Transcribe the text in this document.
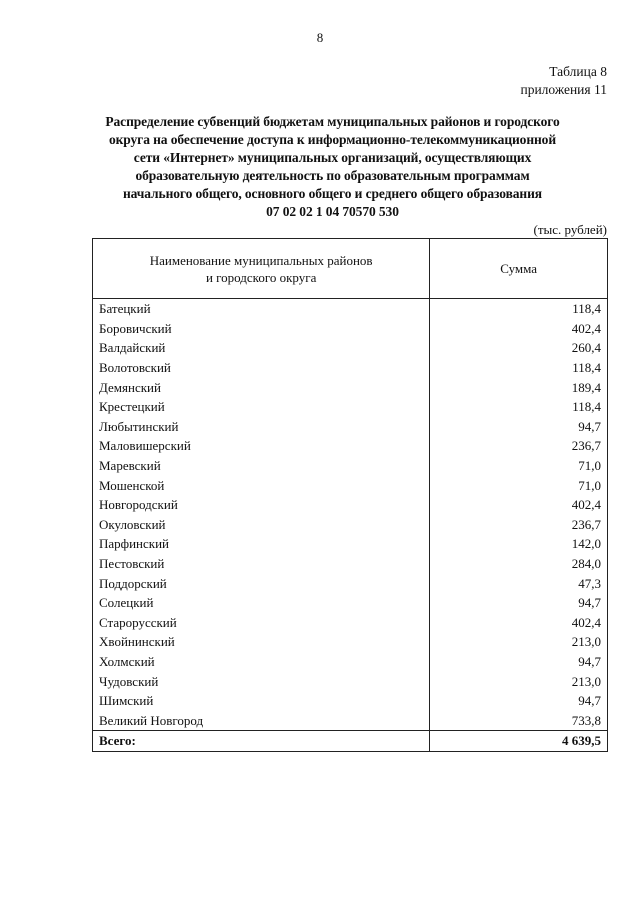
8
Таблица 8
приложения 11
Распределение субвенций бюджетам муниципальных районов и городского
округа на обеспечение доступа к информационно-телекоммуникационной
сети «Интернет» муниципальных организаций, осуществляющих
образовательную деятельность по образовательным программам
начального общего, основного общего и среднего общего образования
07 02 02 1 04 70570 530
(тыс. рублей)
Наименование муниципальных районов
и городского округа	Сумма
Батецкий	118,4
Боровичский	402,4
Валдайский	260,4
Волотовский	118,4
Демянский	189,4
Крестецкий	118,4
Любытинский	94,7
Маловишерский	236,7
Маревский	71,0
Мошенской	71,0
Новгородский	402,4
Окуловский	236,7
Парфинский	142,0
Пестовский	284,0
Поддорский	47,3
Солецкий	94,7
Старорусский	402,4
Хвойнинский	213,0
Холмский	94,7
Чудовский	213,0
Шимский	94,7
Великий Новгород	733,8
Всего:	4 639,5
